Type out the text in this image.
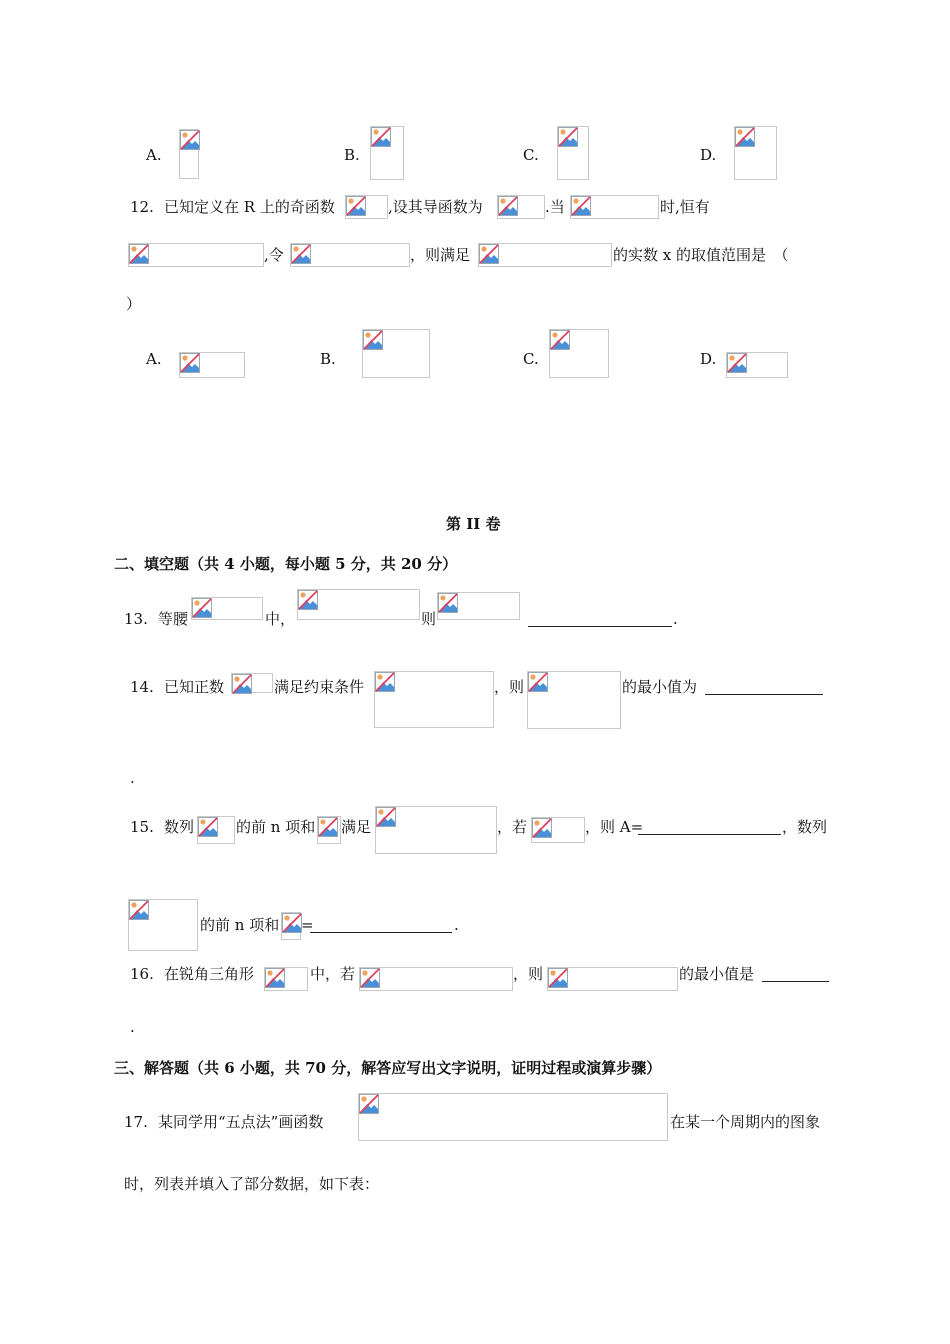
A.	B.	C.	D.
12. 已知定义在 R 上的奇函数	,设其导函数为	.当	时,恒有
,令	，则满足	的实数 x 的取值范围是　（
）
A.	B.	C.	D.
第 II 卷
二、填空题（共 4 小题，每小题 5 分，共 20 分）
13. 等腰	中，	则	.
14. 已知正数	满足约束条件	，则	的最小值为
.
15. 数列	的前 n 项和 满足	，若	，则 A=	，数列
的前 n 项和 =	.
16. 在锐角三角形	中，若	，则	的最小值是
.
三、解答题（共 6 小题，共 70 分，解答应写出文字说明，证明过程或演算步骤）
17. 某同学用“五点法”画函数	在某一个周期内的图象
时，列表并填入了部分数据，如下表：
